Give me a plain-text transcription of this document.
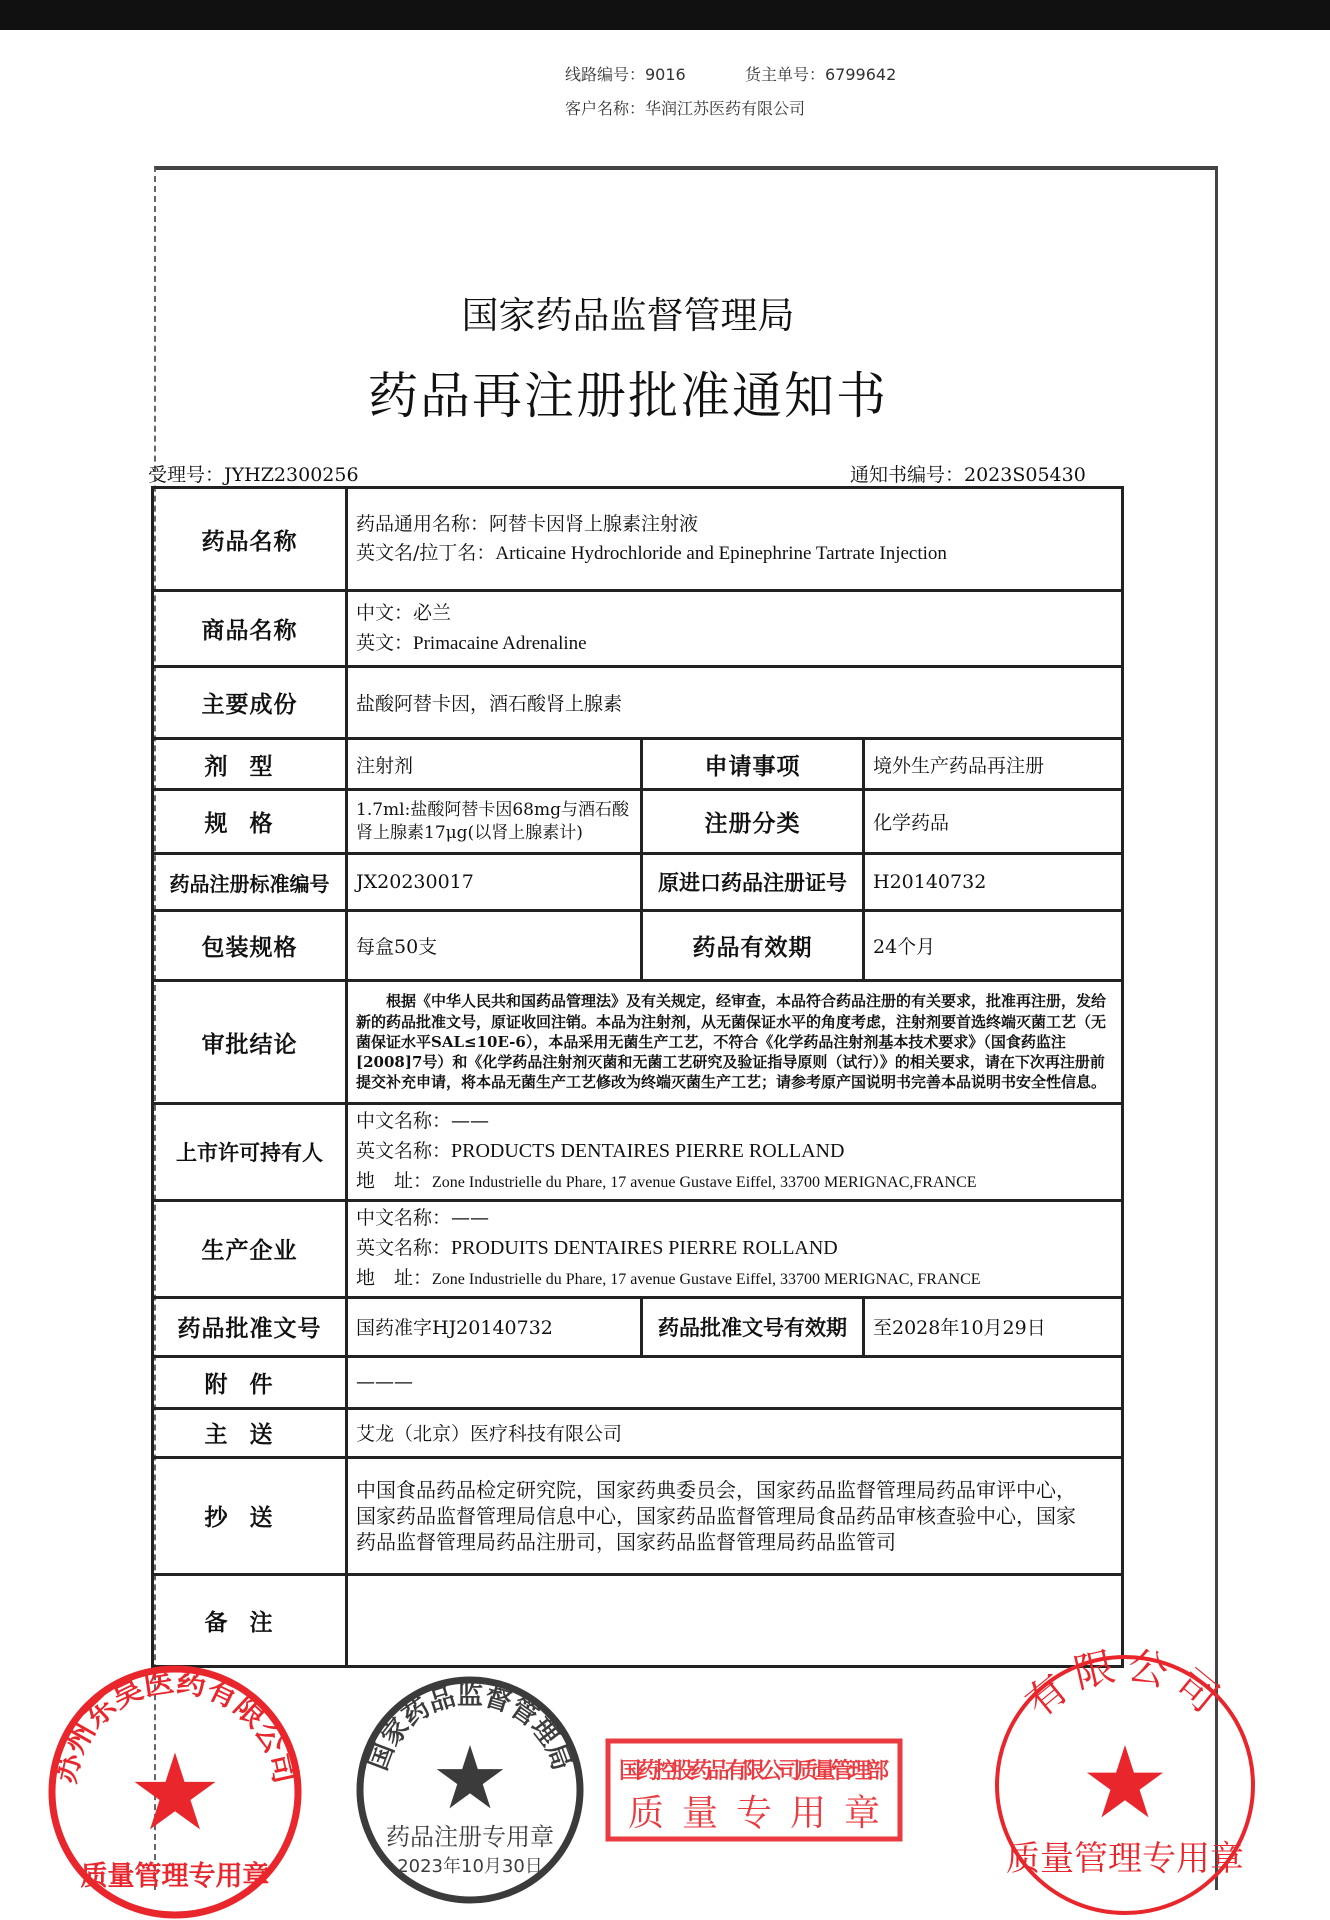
线路编号：9016	货主单号：6799642
客户名称：华润江苏医药有限公司
国家药品监督管理局
药品再注册批准通知书
受理号：JYHZ2300256	通知书编号：2023S05430
药品名称	药品通用名称：阿替卡因肾上腺素注射液
英文名/拉丁名：Articaine Hydrochloride and Epinephrine Tartrate Injection		

商品名称	中文：必兰
英文：Primacaine Adrenaline		

主要成份	盐酸阿替卡因，酒石酸肾上腺素		
剂型	注射剂	申请事项	境外生产药品再注册
规格	1.7ml:盐酸阿替卡因68mg与酒石酸肾上腺素17μg(以肾上腺素计)	注册分类	化学药品
药品注册标准编号	JX20230017	原进口药品注册证号	H20140732
包装规格	每盒50支	药品有效期	24个月
审批结论	根据《中华人民共和国药品管理法》及有关规定，经审查，本品符合药品注册的有关要求，批准再注册，发给新的药品批准文号，原证收回注销。本品为注射剂，从无菌保证水平的角度考虑，注射剂要首选终端灭菌工艺（无菌保证水平SAL≤10E-6），本品采用无菌生产工艺，不符合《化学药品注射剂基本技术要求》（国食药监注[2008]7号）和《化学药品注射剂灭菌和无菌工艺研究及验证指导原则（试行）》的相关要求，请在下次再注册前提交补充申请，将本品无菌生产工艺修改为终端灭菌生产工艺；请参考原产国说明书完善本品说明书安全性信息。		
上市许可持有人	中文名称：——
英文名称：PRODUCTS DENTAIRES PIERRE ROLLAND
地　址：Zone Industrielle du Phare, 17 avenue Gustave Eiffel, 33700 MERIGNAC,FRANCE		

生产企业	中文名称：——
英文名称：PRODUITS DENTAIRES PIERRE ROLLAND
地　址：Zone Industrielle du Phare, 17 avenue Gustave Eiffel, 33700 MERIGNAC, FRANCE		

药品批准文号	国药准字HJ20140732	药品批准文号有效期	至2028年10月29日
附件	———		
主送	艾龙（北京）医疗科技有限公司		
抄送	中国食品药品检定研究院，国家药典委员会，国家药品监督管理局药品审评中心，国家药品监督管理局信息中心，国家药品监督管理局食品药品审核查验中心，国家药品监督管理局药品注册司，国家药品监督管理局药品监管司		
备注			
苏州东昊医药有限公司
质量管理专用章
国家药品监督管理局
药品注册专用章
2023年10月30日
国药控股药品有限公司质量管理部
质量专用章
有限公司
质量管理专用章
